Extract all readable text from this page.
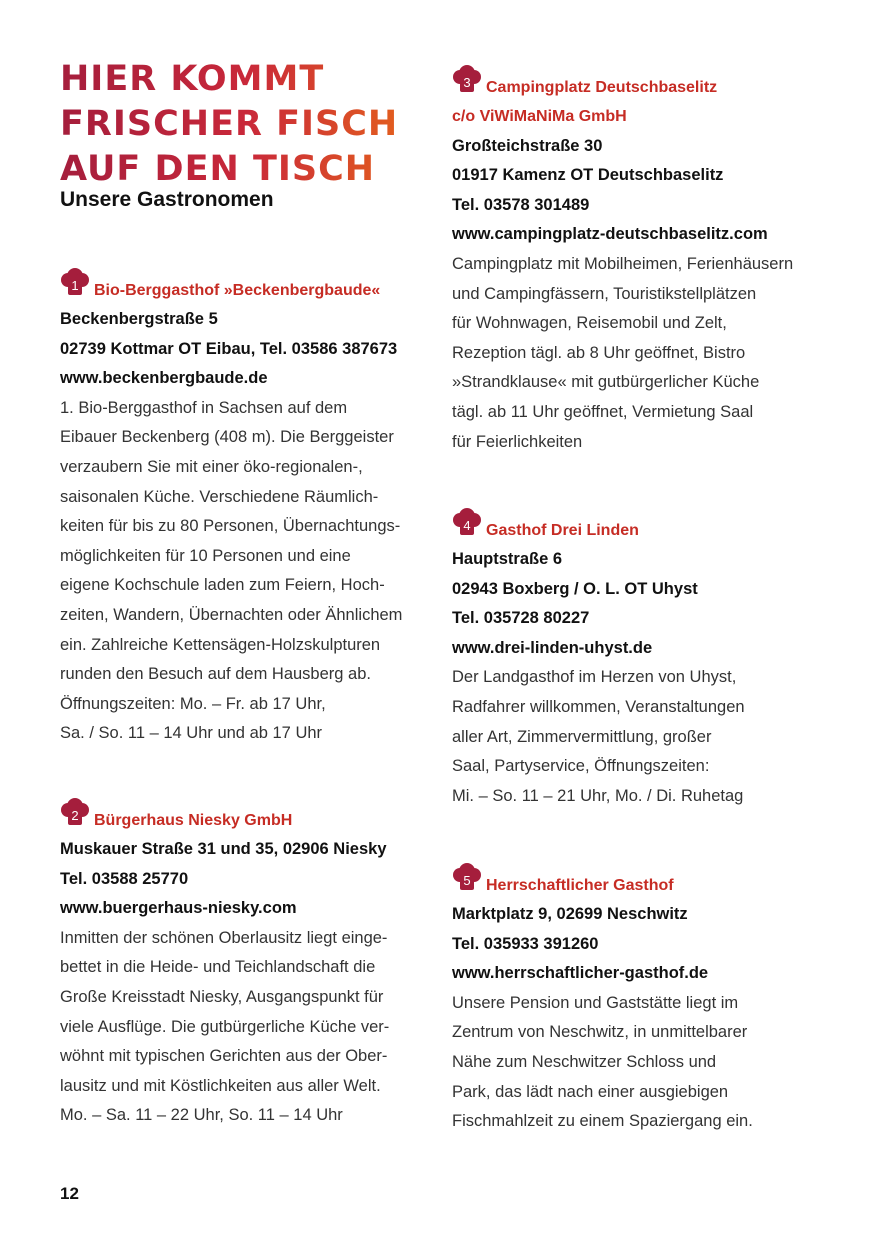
HIER KOMMT
FRISCHER FISCH
AUF DEN TISCH
Unsere Gastronomen
1 Bio-Berggasthof »Beckenbergbaude«
Beckenbergstraße 5
02739 Kottmar OT Eibau, Tel. 03586 387673
www.beckenbergbaude.de
1. Bio-Berggasthof in Sachsen auf dem
Eibauer Beckenberg (408 m). Die Berggeister
verzaubern Sie mit einer öko-regionalen-,
saisonalen Küche. Verschiedene Räumlich-
keiten für bis zu 80 Personen, Übernachtungs-
möglichkeiten für 10 Personen und eine
eigene Kochschule laden zum Feiern, Hoch-
zeiten, Wandern, Übernachten oder Ähnlichem
ein. Zahlreiche Kettensägen-Holzskulpturen
runden den Besuch auf dem Hausberg ab.
Öffnungszeiten: Mo. – Fr. ab 17 Uhr,
Sa. / So. 11 – 14 Uhr und ab 17 Uhr
2 Bürgerhaus Niesky GmbH
Muskauer Straße 31 und 35, 02906 Niesky
Tel. 03588 25770
www.buergerhaus-niesky.com
Inmitten der schönen Oberlausitz liegt einge-
bettet in die Heide- und Teichlandschaft die
Große Kreisstadt Niesky, Ausgangspunkt für
viele Ausflüge. Die gutbürgerliche Küche ver-
wöhnt mit typischen Gerichten aus der Ober-
lausitz und mit Köstlichkeiten aus aller Welt.
Mo. – Sa. 11 – 22 Uhr, So. 11 – 14 Uhr
3 Campingplatz Deutschbaselitz
c/o ViWiMaNiMa GmbH
Großteichstraße 30
01917 Kamenz OT Deutschbaselitz
Tel. 03578 301489
www.campingplatz-deutschbaselitz.com
Campingplatz mit Mobilheimen, Ferienhäusern
und Campingfässern, Touristikstellplätzen
für Wohnwagen, Reisemobil und Zelt,
Rezeption tägl. ab 8 Uhr geöffnet, Bistro
»Strandklause« mit gutbürgerlicher Küche
tägl. ab 11 Uhr geöffnet, Vermietung Saal
für Feierlichkeiten
4 Gasthof Drei Linden
Hauptstraße 6
02943 Boxberg / O. L. OT Uhyst
Tel. 035728 80227
www.drei-linden-uhyst.de
Der Landgasthof im Herzen von Uhyst,
Radfahrer willkommen, Veranstaltungen
aller Art, Zimmervermittlung, großer
Saal, Partyservice, Öffnungszeiten:
Mi. – So. 11 – 21 Uhr, Mo. / Di. Ruhetag
5 Herrschaftlicher Gasthof
Marktplatz 9, 02699 Neschwitz
Tel. 035933 391260
www.herrschaftlicher-gasthof.de
Unsere Pension und Gaststätte liegt im
Zentrum von Neschwitz, in unmittelbarer
Nähe zum Neschwitzer Schloss und
Park, das lädt nach einer ausgiebigen
Fischmahlzeit zu einem Spaziergang ein.
12
